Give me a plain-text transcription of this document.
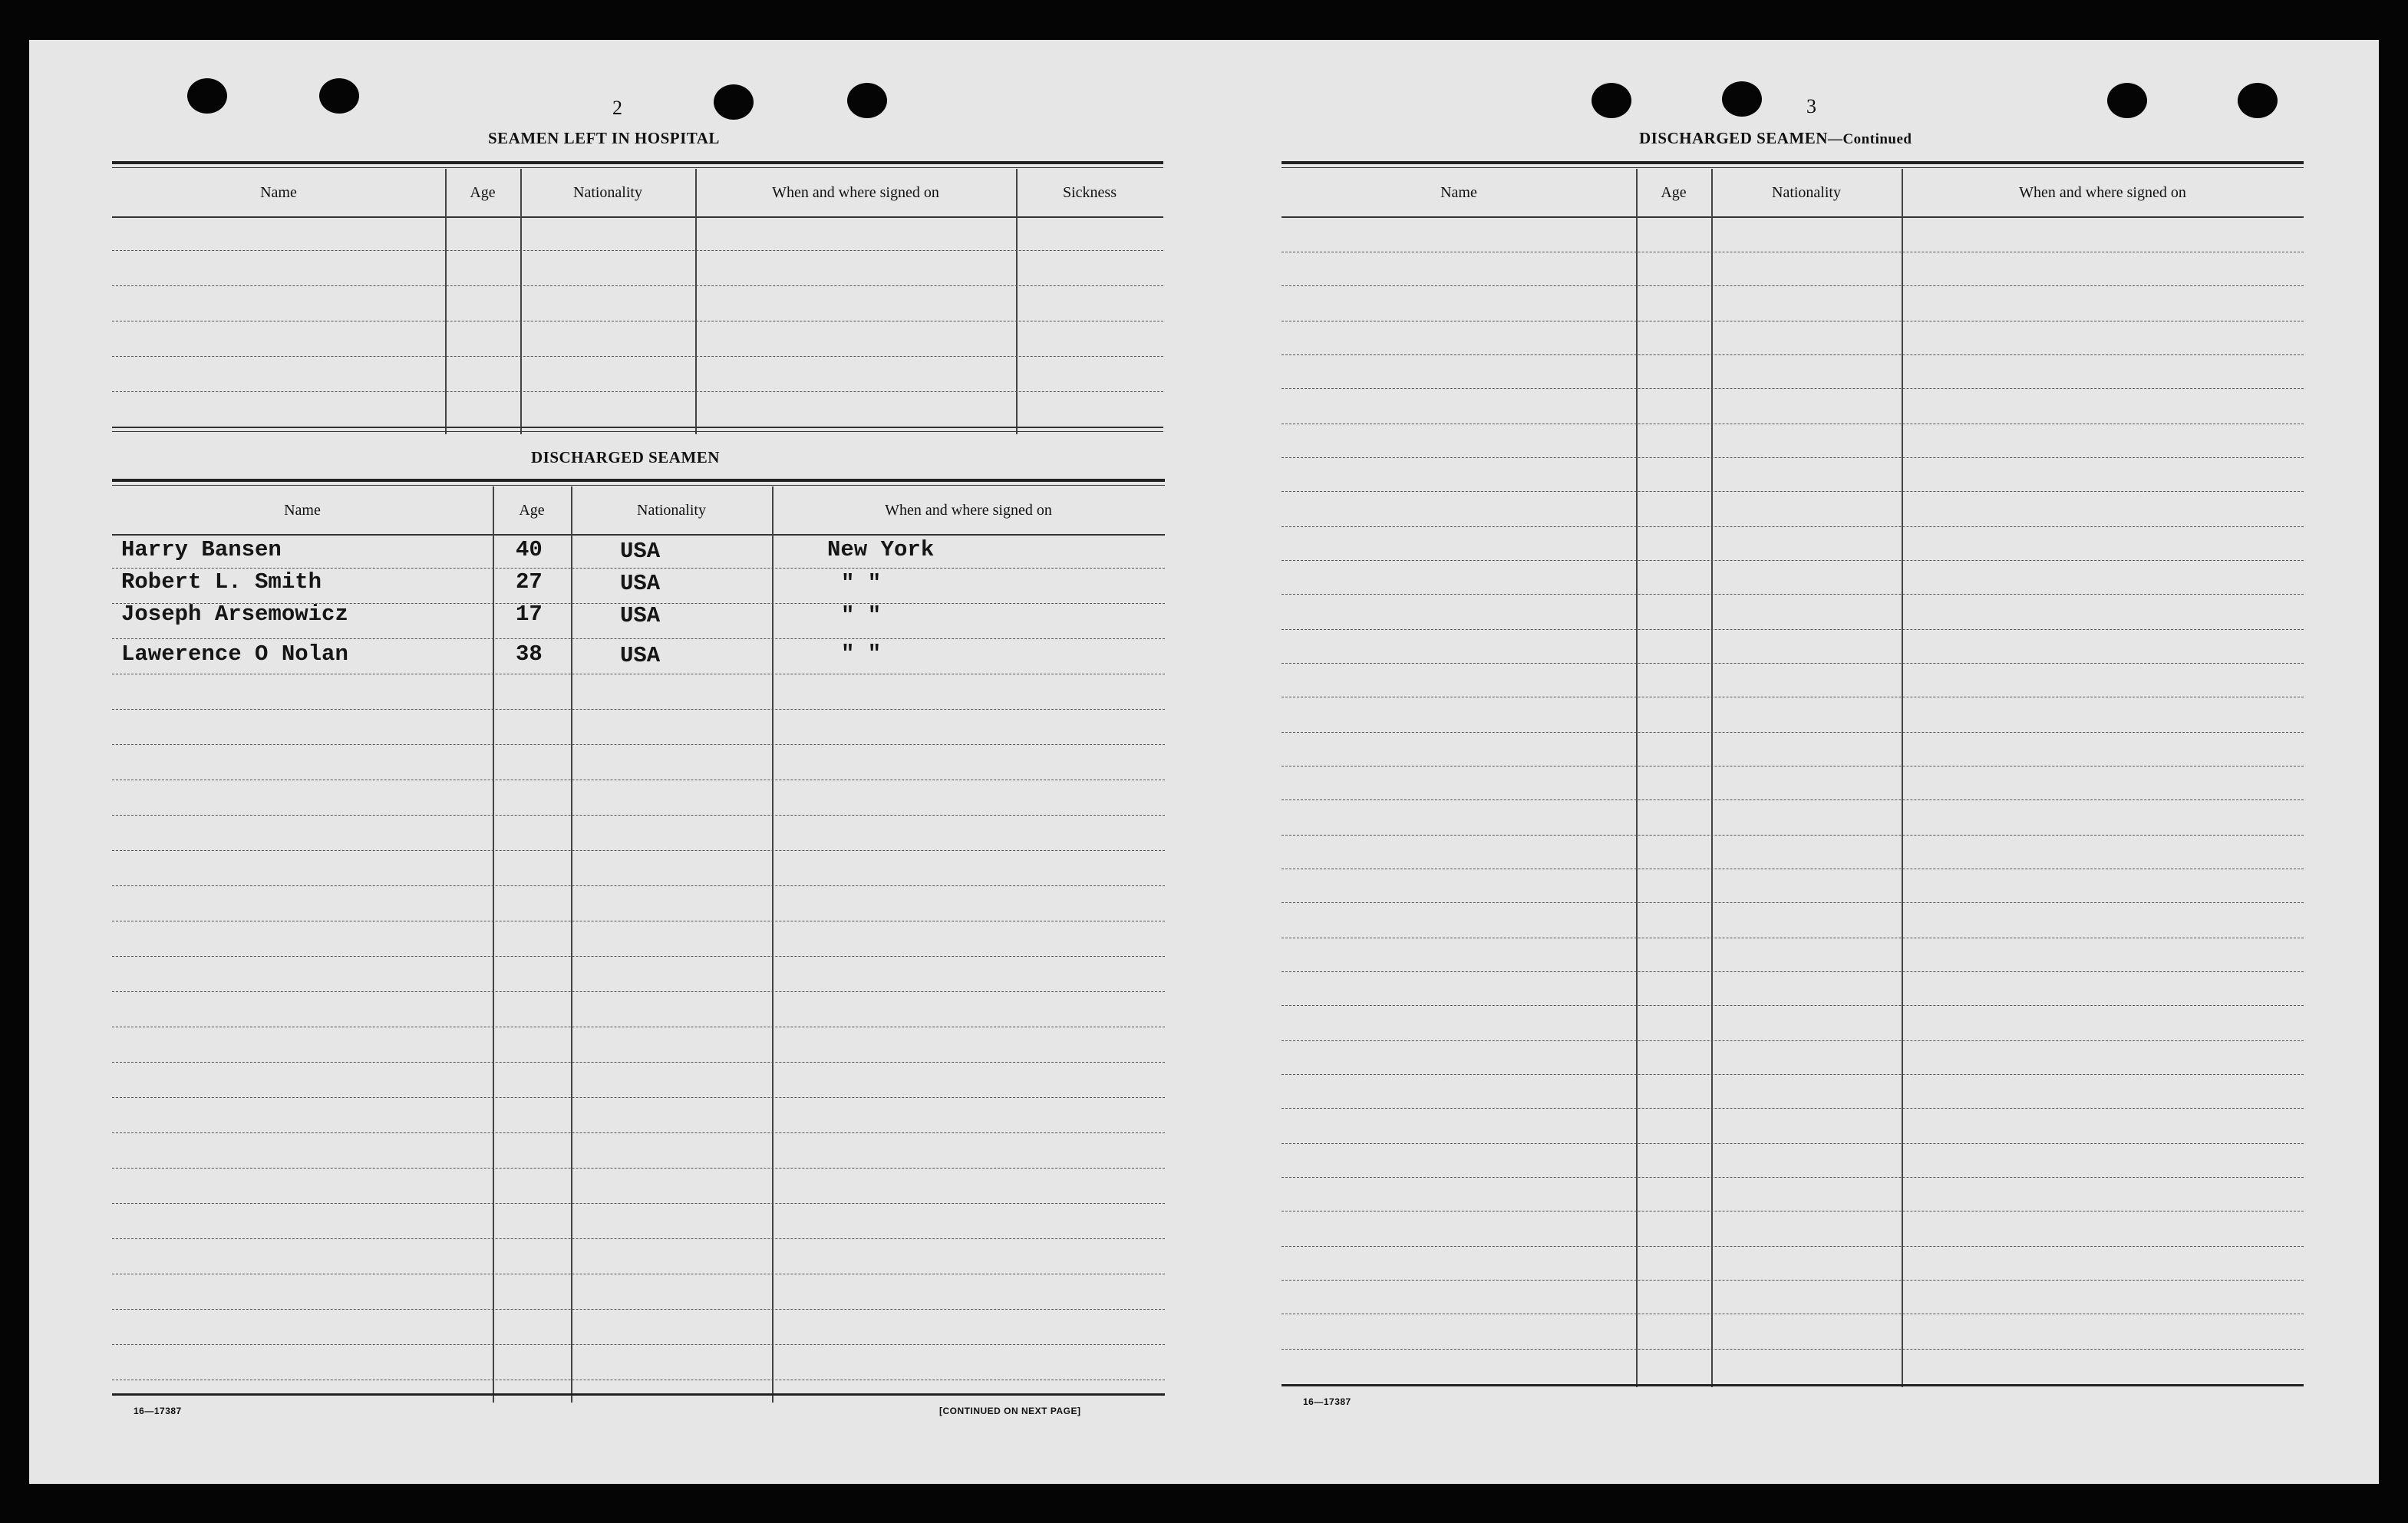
2
SEAMEN LEFT IN HOSPITAL
Name	Age	Nationality	When and where signed on	Sickness
DISCHARGED SEAMEN
Name	Age	Nationality	When and where signed on
Harry Bansen	40	USA	New York
Robert L. Smith	27	USA	" "
Joseph Arsemowicz	17	USA	" "
Lawerence O Nolan	38	USA	" "
16—17387	[CONTINUED ON NEXT PAGE]
3
DISCHARGED SEAMEN—Continued
Name	Age	Nationality	When and where signed on
16—17387
